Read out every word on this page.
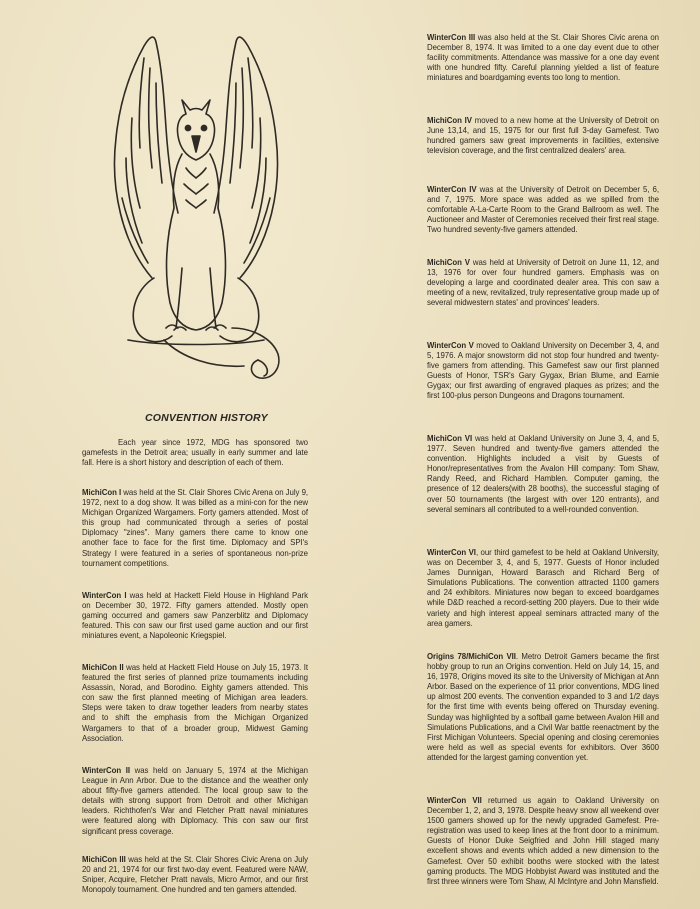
CONVENTION HISTORY

Each year since 1972, MDG has sponsored two gamefests in the Detroit area; usually in early summer and late fall. Here is a short history and description of each of them.

MichiCon I was held at the St. Clair Shores Civic Arena on July 9, 1972, next to a dog show. It was billed as a mini-con for the new Michigan Organized Wargamers. Forty gamers attended. Most of this group had communicated through a series of postal Diplomacy "zines". Many gamers there came to know one another face to face for the first time. Diplomacy and SPI's Strategy I were featured in a series of spontaneous non-prize tournament competitions.

WinterCon I was held at Hackett Field House in Highland Park on December 30, 1972. Fifty gamers attended. Mostly open gaming occurred and gamers saw Panzerblitz and Diplomacy featured. This con saw our first used game auction and our first miniatures event, a Napoleonic Kriegspiel.

MichiCon II was held at Hackett Field House on July 15, 1973. It featured the first series of planned prize tournaments including Assassin, Norad, and Borodino. Eighty gamers attended. This con saw the first planned meeting of Michigan area leaders. Steps were taken to draw together leaders from nearby states and to shift the emphasis from the Michigan Organized Wargamers to that of a broader group, Midwest Gaming Association.

WinterCon II was held on January 5, 1974 at the Michigan League in Ann Arbor. Due to the distance and the weather only about fifty-five gamers attended. The local group saw to the details with strong support from Detroit and other Michigan leaders. Richthofen's War and Fletcher Pratt naval miniatures were featured along with Diplomacy. This con saw our first significant press coverage.

MichiCon III was held at the St. Clair Shores Civic Arena on July 20 and 21, 1974 for our first two-day event. Featured were NAW, Sniper, Acquire, Fletcher Pratt navals, Micro Armor, and our first Monopoly tournament. One hundred and ten gamers attended.

WinterCon III was also held at the St. Clair Shores Civic arena on December 8, 1974. It was limited to a one day event due to other facility commitments. Attendance was massive for a one day event with one hundred fifty. Careful planning yielded a list of feature miniatures and boardgaming events too long to mention.

MichiCon IV moved to a new home at the University of Detroit on June 13,14, and 15, 1975 for our first full 3-day Gamefest. Two hundred gamers saw great improvements in facilities, extensive television coverage, and the first centralized dealers' area.

WinterCon IV was at the University of Detroit on December 5, 6, and 7, 1975. More space was added as we spilled from the comfortable A-La-Carte Room to the Grand Ballroom as well. The Auctioneer and Master of Ceremonies received their first real stage. Two hundred seventy-five gamers attended.

MichiCon V was held at University of Detroit on June 11, 12, and 13, 1976 for over four hundred gamers. Emphasis was on developing a large and coordinated dealer area. This con saw a meeting of a new, revitalized, truly representative group made up of several midwestern states' and provinces' leaders.

WinterCon V moved to Oakland University on December 3, 4, and 5, 1976. A major snowstorm did not stop four hundred and twenty-five gamers from attending. This Gamefest saw our first planned Guests of Honor, TSR's Gary Gygax, Brian Blume, and Earnie Gygax; our first awarding of engraved plaques as prizes; and the first 100-plus person Dungeons and Dragons tournament.

MichiCon VI was held at Oakland University on June 3, 4, and 5, 1977. Seven hundred and twenty-five gamers attended the convention. Highlights included a visit by Guests of Honor/representatives from the Avalon Hill company: Tom Shaw, Randy Reed, and Richard Hamblen. Computer gaming, the presence of 12 dealers(with 28 booths), the successful staging of over 50 tournaments (the largest with over 120 entrants), and several seminars all contributed to a well-rounded convention.

WinterCon VI, our third gamefest to be held at Oakland University, was on December 3, 4, and 5, 1977. Guests of Honor included James Dunnigan, Howard Barasch and Richard Berg of Simulations Publications. The convention attracted 1100 gamers and 24 exhibitors. Miniatures now began to exceed boardgames while D&D reached a record-setting 200 players. Due to their wide variety and high interest appeal seminars attracted many of the area gamers.

Origins 78/MichiCon VII. Metro Detroit Gamers became the first hobby group to run an Origins convention. Held on July 14, 15, and 16, 1978, Origins moved its site to the University of Michigan at Ann Arbor. Based on the experience of 11 prior conventions, MDG lined up almost 200 events. The convention expanded to 3 and 1/2 days for the first time with events being offered on Thursday evening. Sunday was highlighted by a softball game between Avalon Hill and Simulations Publications, and a Civil War battle reenactment by the First Michigan Volunteers. Special opening and closing ceremonies were held as well as special events for exhibitors. Over 3600 attended for the largest gaming convention yet.

WinterCon VII returned us again to Oakland University on December 1, 2, and 3, 1978. Despite heavy snow all weekend over 1500 gamers showed up for the newly upgraded Gamefest. Pre-registration was used to keep lines at the front door to a minimum. Guests of Honor Duke Seigfried and John Hill staged many excellent shows and events which added a new dimension to the Gamefest. Over 50 exhibit booths were stocked with the latest gaming products. The MDG Hobbyist Award was instituted and the first three winners were Tom Shaw, Al McIntyre and John Mansfield.
